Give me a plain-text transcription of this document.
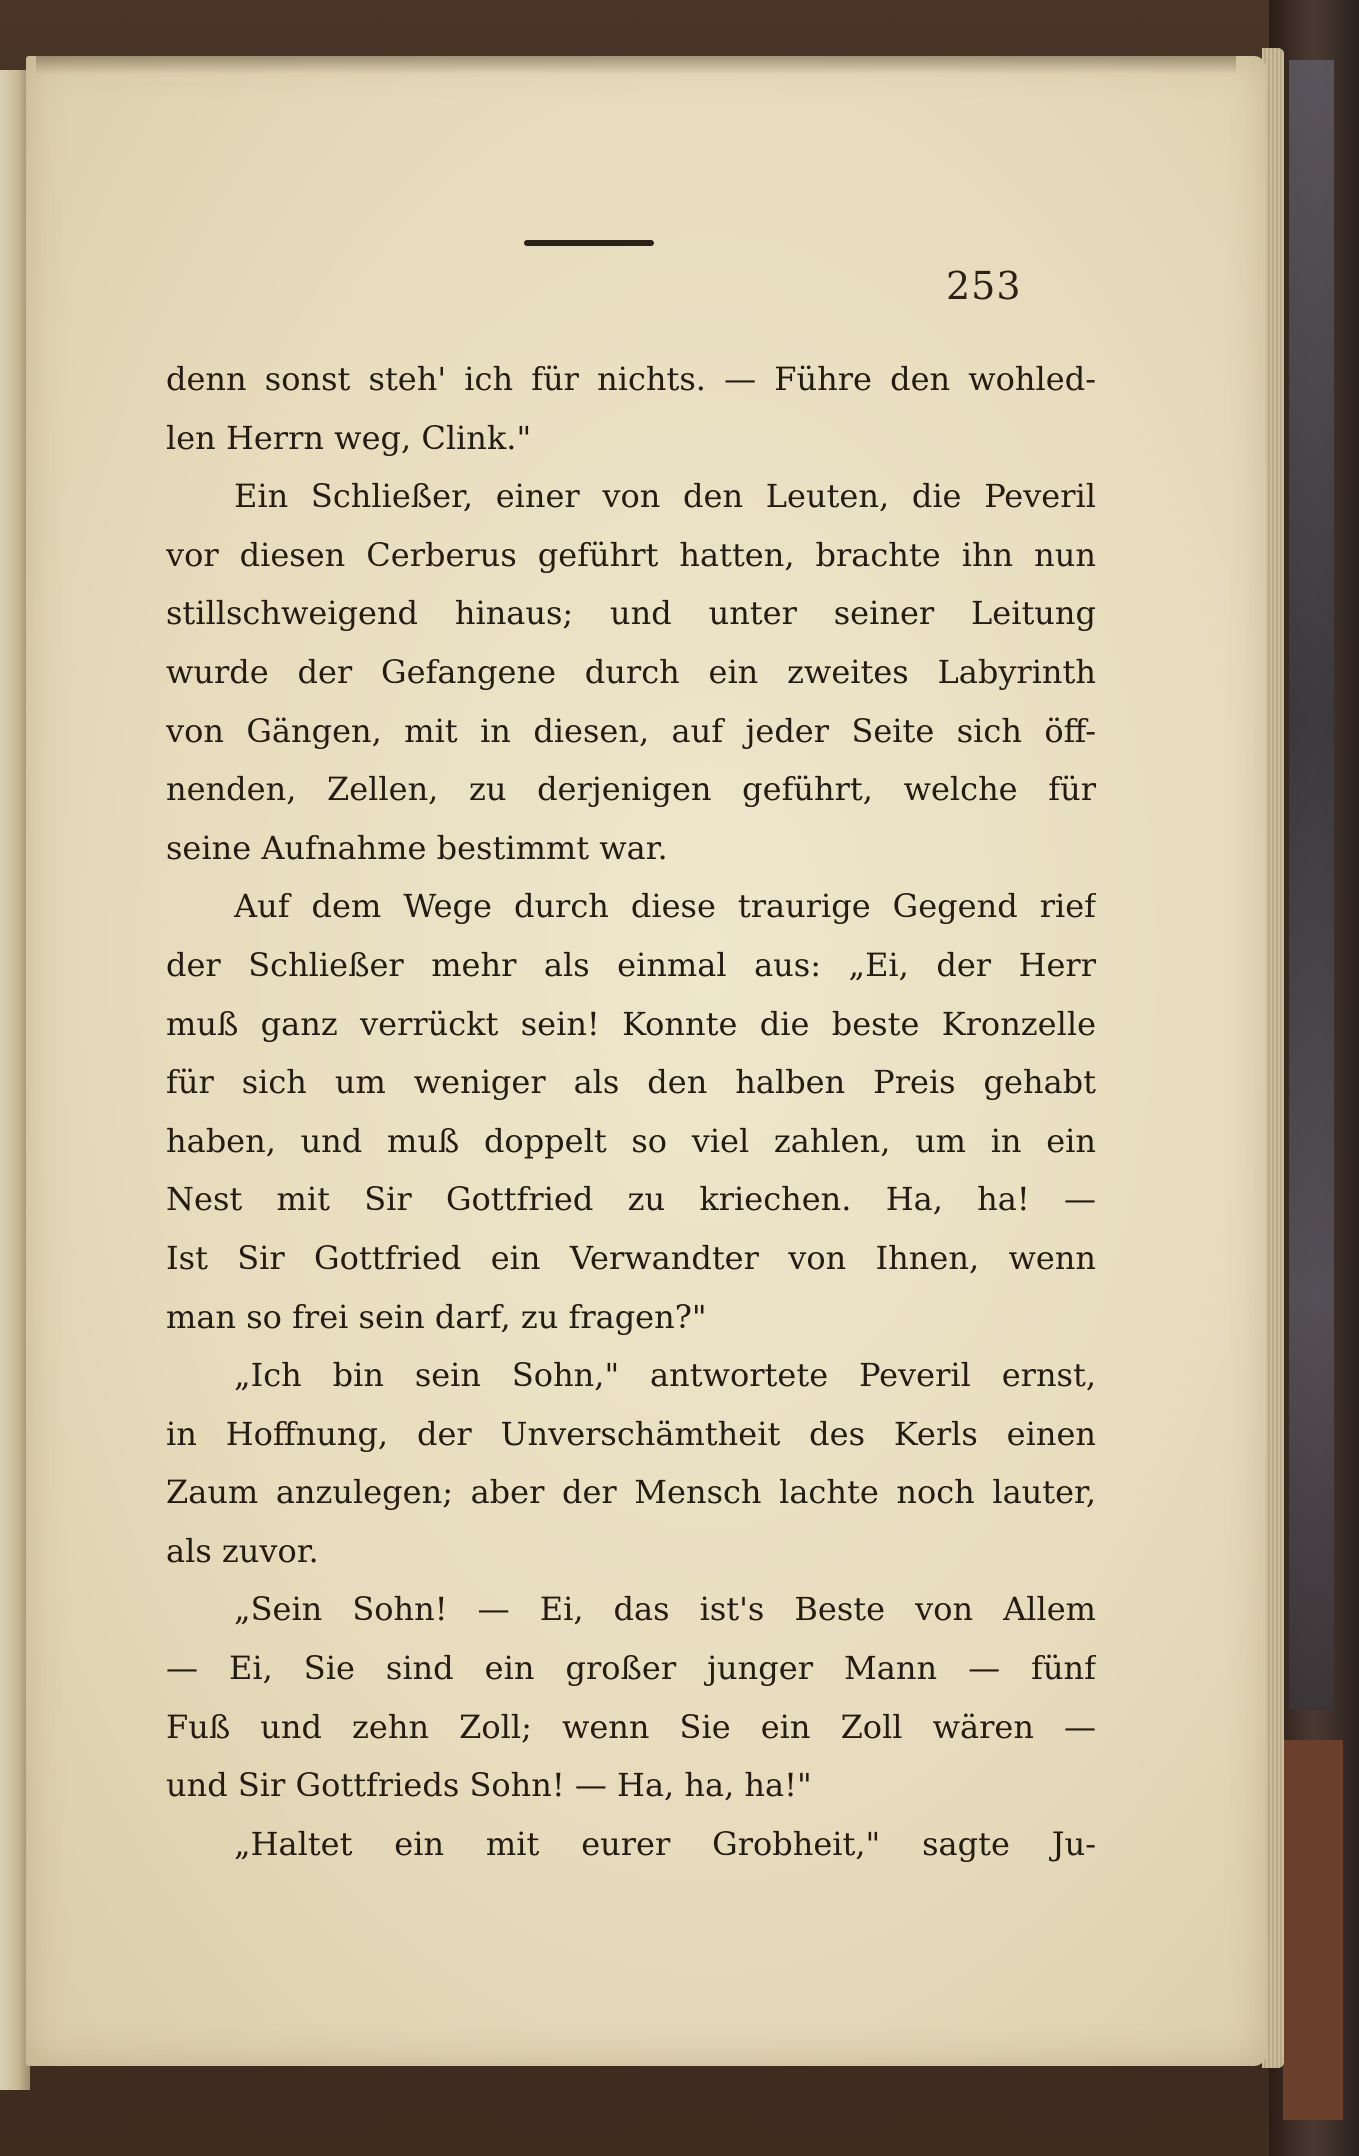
253
denn sonst steh' ich für nichts. — Führe den wohled-
len Herrn weg, Clink."
Ein Schließer, einer von den Leuten, die Peveril
vor diesen Cerberus geführt hatten, brachte ihn nun
stillschweigend hinaus; und unter seiner Leitung
wurde der Gefangene durch ein zweites Labyrinth
von Gängen, mit in diesen, auf jeder Seite sich öff-
nenden, Zellen, zu derjenigen geführt, welche für
seine Aufnahme bestimmt war.
Auf dem Wege durch diese traurige Gegend rief
der Schließer mehr als einmal aus: „Ei, der Herr
muß ganz verrückt sein! Konnte die beste Kronzelle
für sich um weniger als den halben Preis gehabt
haben, und muß doppelt so viel zahlen, um in ein
Nest mit Sir Gottfried zu kriechen. Ha, ha! —
Ist Sir Gottfried ein Verwandter von Ihnen, wenn
man so frei sein darf, zu fragen?"
„Ich bin sein Sohn," antwortete Peveril ernst,
in Hoffnung, der Unverschämtheit des Kerls einen
Zaum anzulegen; aber der Mensch lachte noch lauter,
als zuvor.
„Sein Sohn! — Ei, das ist's Beste von Allem
— Ei, Sie sind ein großer junger Mann — fünf
Fuß und zehn Zoll; wenn Sie ein Zoll wären —
und Sir Gottfrieds Sohn! — Ha, ha, ha!"
„Haltet ein mit eurer Grobheit," sagte Ju-
